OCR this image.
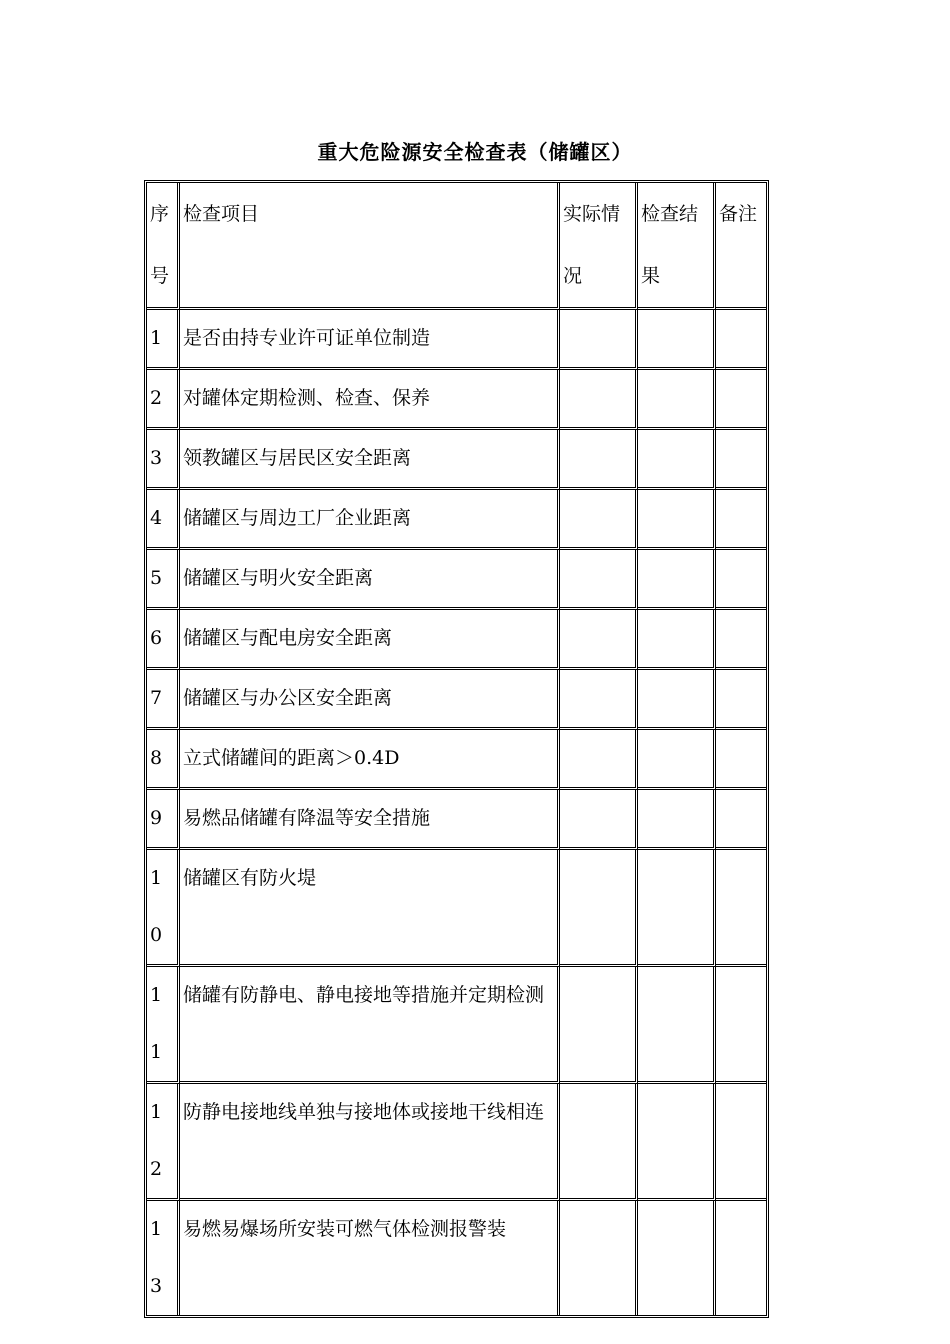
重大危险源安全检查表（储罐区）
序号	检查项目	实际情况	检查结果	备注
1	是否由持专业许可证单位制造			
2	对罐体定期检测、检查、保养			
3	领教罐区与居民区安全距离			
4	储罐区与周边工厂企业距离			
5	储罐区与明火安全距离			
6	储罐区与配电房安全距离			
7	储罐区与办公区安全距离			
8	立式储罐间的距离＞0.4D			
9	易燃品储罐有降温等安全措施			
10	储罐区有防火堤			
11	储罐有防静电、静电接地等措施并定期检测			
12	防静电接地线单独与接地体或接地干线相连			
13	易燃易爆场所安装可燃气体检测报警装			
